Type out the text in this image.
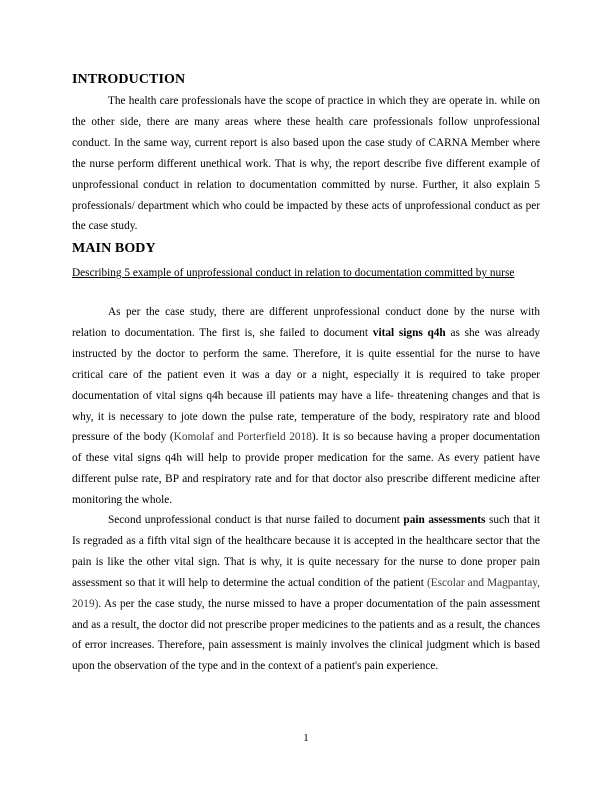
INTRODUCTION

The health care professionals have the scope of practice in which they are operate in. while on the other side, there are many areas where these health care professionals follow unprofessional conduct. In the same way, current report is also based upon the case study of CARNA Member where the nurse perform different unethical work. That is why, the report describe five different example of unprofessional conduct in relation to documentation committed by nurse. Further, it also explain 5 professionals/ department which who could be impacted by these acts of unprofessional conduct as per the case study.

MAIN BODY
Describing 5 example of unprofessional conduct in relation to documentation committed by nurse

As per the case study, there are different unprofessional conduct done by the nurse with relation to documentation. The first is, she failed to document vital signs q4h as she was already instructed by the doctor to perform the same. Therefore, it is quite essential for the nurse to have critical care of the patient even it was a day or a night, especially it is required to take proper documentation of vital signs q4h because ill patients may have a life- threatening changes and that is why, it is necessary to jote down the pulse rate, temperature of the body, respiratory rate and blood pressure of the body (Komolaf and Porterfield 2018). It is so because having a proper documentation of these vital signs q4h will help to provide proper medication for the same. As every patient have different pulse rate, BP and respiratory rate and for that doctor also prescribe different medicine after monitoring the whole.

Second unprofessional conduct is that nurse failed to document pain assessments such that it Is regraded as a fifth vital sign of the healthcare because it is accepted in the healthcare sector that the pain is like the other vital sign. That is why, it is quite necessary for the nurse to done proper pain assessment so that it will help to determine the actual condition of the patient (Escolar and Magpantay, 2019). As per the case study, the nurse missed to have a proper documentation of the pain assessment and as a result, the doctor did not prescribe proper medicines to the patients and as a result, the chances of error increases. Therefore, pain assessment is mainly involves the clinical judgment which is based upon the observation of the type and in the context of a patient's pain experience.

1
